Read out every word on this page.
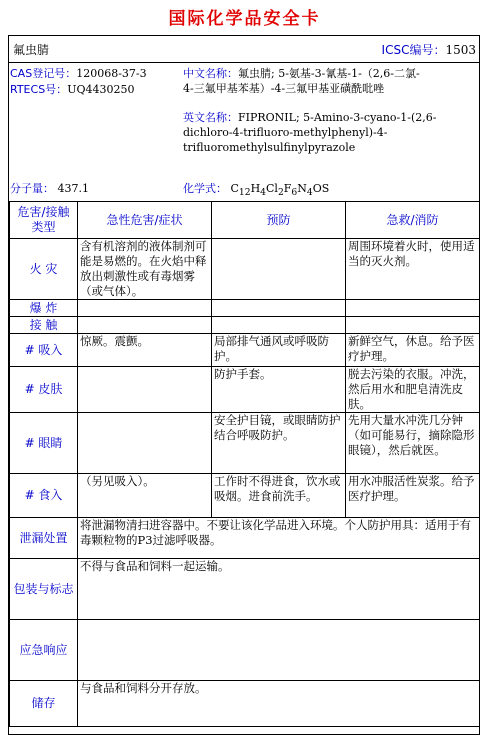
国际化学品安全卡
氟虫腈	ICSC编号：1503
CAS登记号：120068-37-3
RTECS号：UQ4430250
中文名称：氟虫腈; 5-氨基-3-氰基-1-（2,6-二氯-
4-三氟甲基苯基）-4-三氟甲基亚磺酰吡唑
英文名称：FIPRONIL; 5-Amino-3-cyano-1-(2,6-
dichloro-4-trifluoro-methylphenyl)-4-
trifluoromethylsulfinylpyrazole
分子量： 437.1	化学式： $C_{12}H_4Cl_2F_6N_4OS$
危害/接触类型	急性危害/症状	预防	急救/消防
火 灾	含有机溶剂的液体制剂可能是易燃的。在火焰中释放出刺激性或有毒烟雾（或气体）。		周围环境着火时，使用适当的灭火剂。
爆 炸			
接 触			
# 吸入	惊厥。震颤。	局部排气通风或呼吸防护。	新鲜空气，休息。给予医疗护理。
# 皮肤		防护手套。	脱去污染的衣服。冲洗，然后用水和肥皂清洗皮肤。
# 眼睛		安全护目镜，或眼睛防护结合呼吸防护。	先用大量水冲洗几分钟（如可能易行，摘除隐形眼镜），然后就医。
# 食入	（另见吸入）。	工作时不得进食，饮水或吸烟。进食前洗手。	用水冲服活性炭浆。给予医疗护理。
泄漏处置	将泄漏物清扫进容器中。不要让该化学品进入环境。个人防护用具：适用于有毒颗粒物的P3过滤呼吸器。		
包装与标志	不得与食品和饲料一起运输。		
应急响应			
储存	与食品和饲料分开存放。		
